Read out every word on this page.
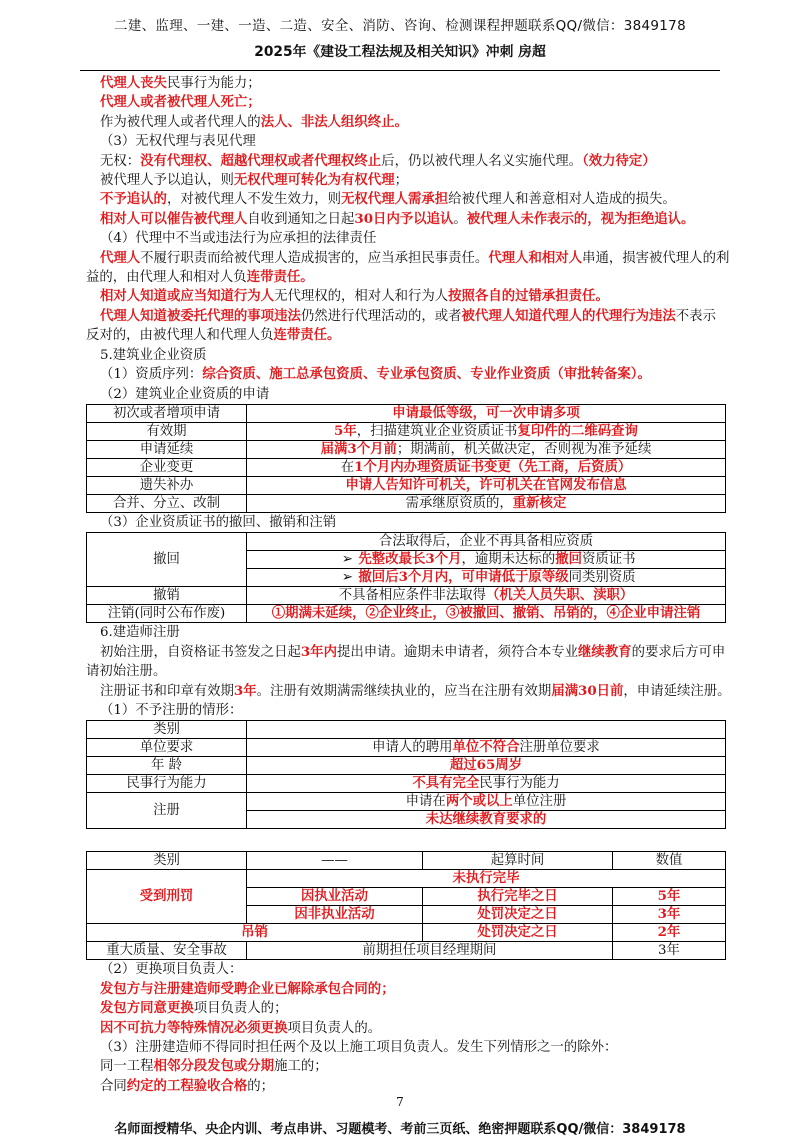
二建、监理、一建、一造、二造、安全、消防、咨询、检测课程押题联系QQ/微信：3849178
2025年《建设工程法规及相关知识》冲刺 房超
代理人丧失民事行为能力；
代理人或者被代理人死亡；
作为被代理人或者代理人的法人、非法人组织终止。
（3）无权代理与表见代理
无权：没有代理权、超越代理权或者代理权终止后，仍以被代理人名义实施代理。（效力待定）
被代理人予以追认，则无权代理可转化为有权代理；
不予追认的，对被代理人不发生效力，则无权代理人需承担给被代理人和善意相对人造成的损失。
相对人可以催告被代理人自收到通知之日起30日内予以追认。被代理人未作表示的，视为拒绝追认。
（4）代理中不当或违法行为应承担的法律责任
代理人不履行职责而给被代理人造成损害的，应当承担民事责任。代理人和相对人串通，损害被代理人的利
益的，由代理人和相对人负连带责任。
相对人知道或应当知道行为人无代理权的，相对人和行为人按照各自的过错承担责任。
代理人知道被委托代理的事项违法仍然进行代理活动的，或者被代理人知道代理人的代理行为违法不表示
反对的，由被代理人和代理人负连带责任。
5.建筑业企业资质
（1）资质序列：综合资质、施工总承包资质、专业承包资质、专业作业资质（审批转备案）。
（2）建筑业企业资质的申请
初次或者增项申请	申请最低等级，可一次申请多项
有效期	5年，扫描建筑业企业资质证书复印件的二维码查询
申请延续	届满3个月前；期满前，机关做决定，否则视为准予延续
企业变更	在1个月内办理资质证书变更（先工商，后资质）
遗失补办	申请人告知许可机关，许可机关在官网发布信息
合并、分立、改制	需承继原资质的，重新核定
（3）企业资质证书的撤回、撤销和注销
撤回	合法取得后，企业不再具备相应资质
	➢ 先整改最长3个月，逾期未达标的撤回资质证书
	➢ 撤回后3个月内，可申请低于原等级同类别资质
撤销	不具备相应条件非法取得（机关人员失职、渎职）
注销(同时公布作废)	①期满未延续，②企业终止，③被撤回、撤销、吊销的，④企业申请注销
6.建造师注册
初始注册，自资格证书签发之日起3年内提出申请。逾期未申请者，须符合本专业继续教育的要求后方可申
请初始注册。
注册证书和印章有效期3年。注册有效期满需继续执业的，应当在注册有效期届满30日前，申请延续注册。
（1）不予注册的情形：
类别	
单位要求	申请人的聘用单位不符合注册单位要求
年 龄	超过65周岁
民事行为能力	不具有完全民事行为能力
注册	申请在两个或以上单位注册
	未达继续教育要求的
类别	——	起算时间	数值
受到刑罚	未执行完毕		
	因执业活动	执行完毕之日	5年
	因非执业活动	处罚决定之日	3年
吊销		处罚决定之日	2年
重大质量、安全事故	前期担任项目经理期间		3年
（2）更换项目负责人：
发包方与注册建造师受聘企业已解除承包合同的；
发包方同意更换项目负责人的；
因不可抗力等特殊情况必须更换项目负责人的。
（3）注册建造师不得同时担任两个及以上施工项目负责人。发生下列情形之一的除外：
同一工程相邻分段发包或分期施工的；
合同约定的工程验收合格的；
7
名师面授精华、央企内训、考点串讲、习题模考、考前三页纸、绝密押题联系QQ/微信：3849178
